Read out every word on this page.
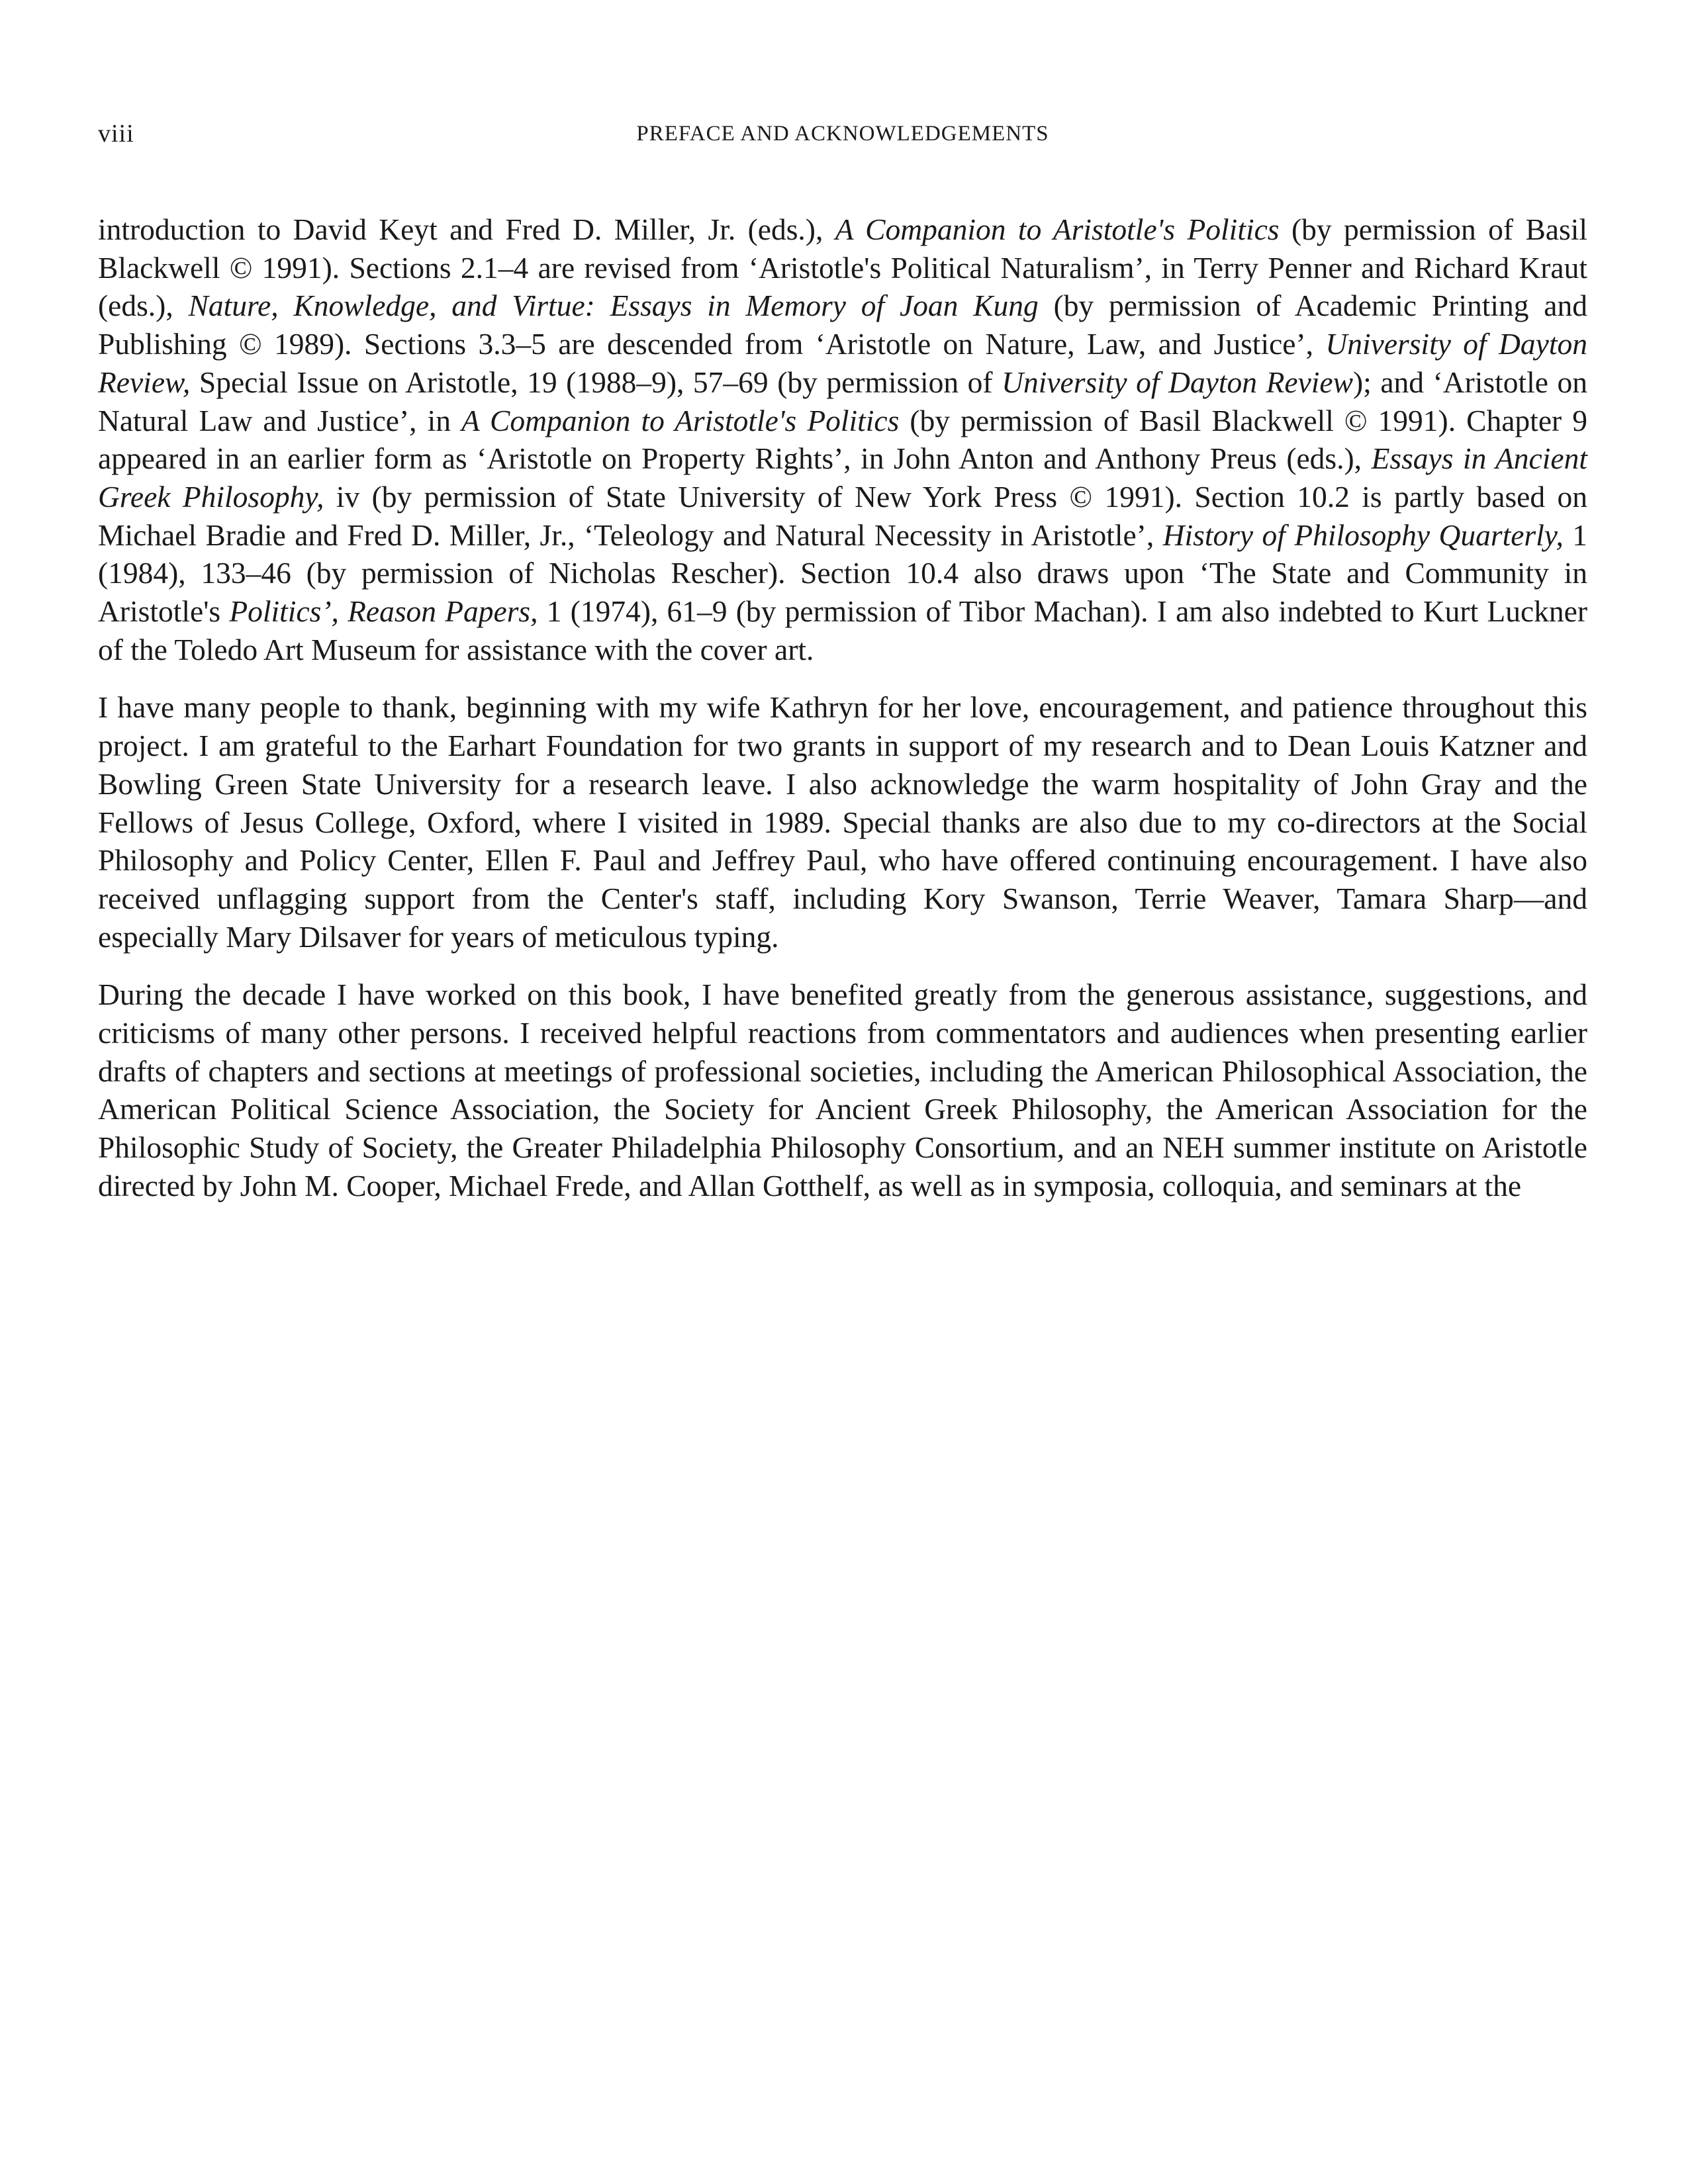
PREFACE AND ACKNOWLEDGEMENTS
viii

introduction to David Keyt and Fred D. Miller, Jr. (eds.), A Companion to Aristotle's Politics (by permission of Basil Blackwell © 1991). Sections 2.1–4 are revised from ‘Aristotle's Political Naturalism’, in Terry Penner and Richard Kraut (eds.), Nature, Knowledge, and Virtue: Essays in Memory of Joan Kung (by permission of Academic Printing and Publishing © 1989). Sections 3.3–5 are descended from ‘Aristotle on Nature, Law, and Justice’, University of Dayton Review, Special Issue on Aristotle, 19 (1988–9), 57–69 (by permission of University of Dayton Review); and ‘Aristotle on Natural Law and Justice’, in A Companion to Aristotle's Politics (by permission of Basil Blackwell © 1991). Chapter 9 appeared in an earlier form as ‘Aristotle on Property Rights’, in John Anton and Anthony Preus (eds.), Essays in Ancient Greek Philosophy, iv (by permission of State University of New York Press © 1991). Section 10.2 is partly based on Michael Bradie and Fred D. Miller, Jr., ‘Teleology and Natural Necessity in Aristotle’, History of Philosophy Quarterly, 1 (1984), 133–46 (by permission of Nicholas Rescher). Section 10.4 also draws upon ‘The State and Community in Aristotle's Politics’, Reason Papers, 1 (1974), 61–9 (by permission of Tibor Machan). I am also indebted to Kurt Luckner of the Toledo Art Museum for assistance with the cover art.

I have many people to thank, beginning with my wife Kathryn for her love, encouragement, and patience throughout this project. I am grateful to the Earhart Foundation for two grants in support of my research and to Dean Louis Katzner and Bowling Green State University for a research leave. I also acknowledge the warm hospitality of John Gray and the Fellows of Jesus College, Oxford, where I visited in 1989. Special thanks are also due to my co-directors at the Social Philosophy and Policy Center, Ellen F. Paul and Jeffrey Paul, who have offered continuing encouragement. I have also received unflagging support from the Center's staff, including Kory Swanson, Terrie Weaver, Tamara Sharp—and especially Mary Dilsaver for years of meticulous typing.

During the decade I have worked on this book, I have benefited greatly from the generous assistance, suggestions, and criticisms of many other persons. I received helpful reactions from commentators and audiences when presenting earlier drafts of chapters and sections at meetings of professional societies, including the American Philosophical Association, the American Political Science Association, the Society for Ancient Greek Philosophy, the American Association for the Philosophic Study of Society, the Greater Philadelphia Philosophy Consortium, and an NEH summer institute on Aristotle directed by John M. Cooper, Michael Frede, and Allan Gotthelf, as well as in symposia, colloquia, and seminars at the
